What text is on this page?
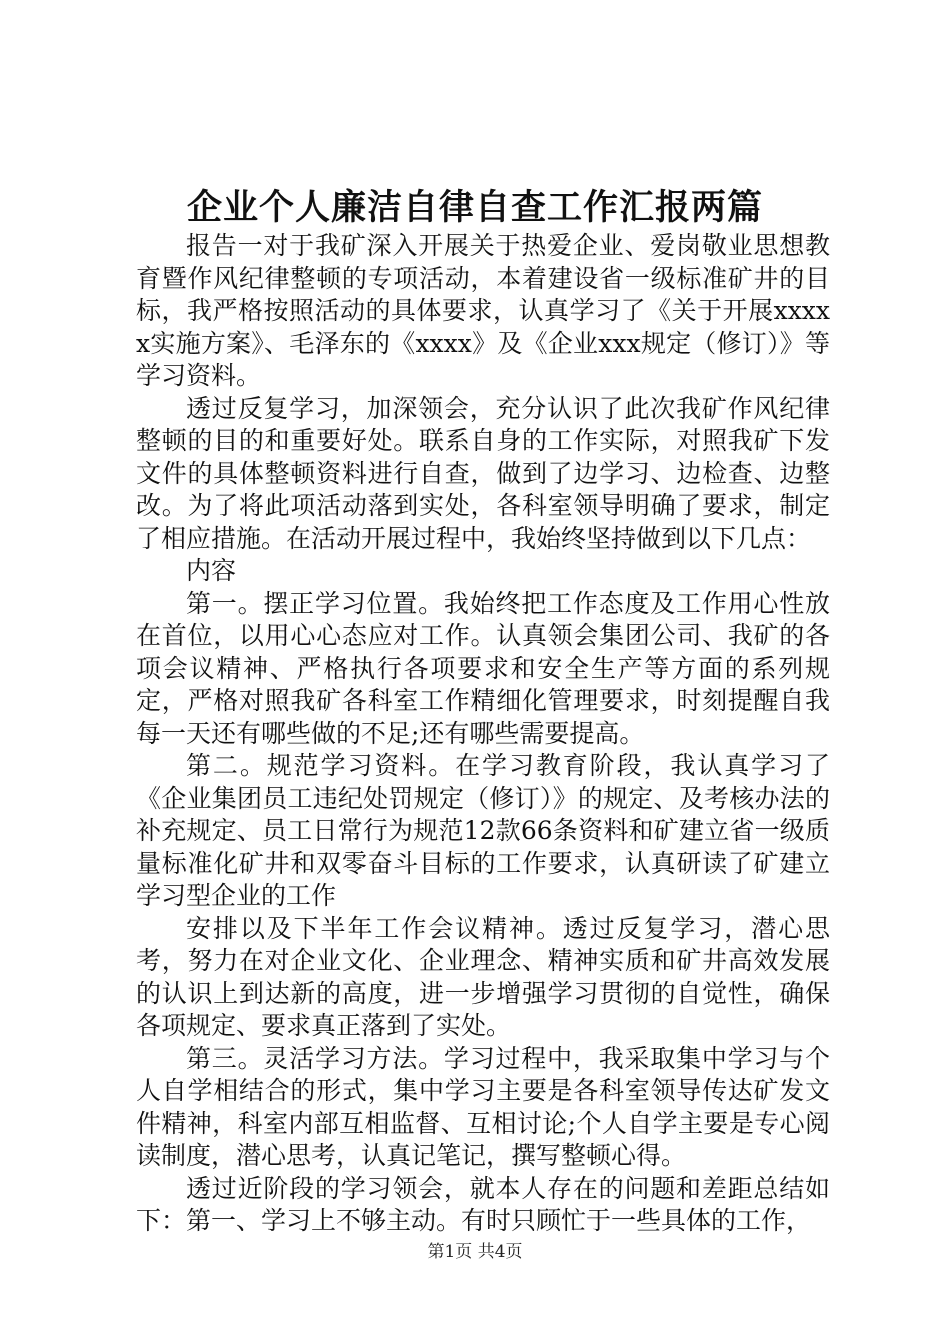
企业个人廉洁自律自查工作汇报两篇

报告一对于我矿深入开展关于热爱企业、爱岗敬业思想教育暨作风纪律整顿的专项活动，本着建设省一级标准矿井的目标，我严格按照活动的具体要求，认真学习了《关于开展xxxxx实施方案》、毛泽东的《xxxx》及《企业xxx规定（修订）》等学习资料。

透过反复学习，加深领会，充分认识了此次我矿作风纪律整顿的目的和重要好处。联系自身的工作实际，对照我矿下发文件的具体整顿资料进行自查，做到了边学习、边检查、边整改。为了将此项活动落到实处，各科室领导明确了要求，制定了相应措施。在活动开展过程中，我始终坚持做到以下几点：

内容

第一。摆正学习位置。我始终把工作态度及工作用心性放在首位，以用心心态应对工作。认真领会集团公司、我矿的各项会议精神、严格执行各项要求和安全生产等方面的系列规定，严格对照我矿各科室工作精细化管理要求，时刻提醒自我每一天还有哪些做的不足;还有哪些需要提高。

第二。规范学习资料。在学习教育阶段，我认真学习了《企业集团员工违纪处罚规定（修订）》的规定、及考核办法的补充规定、员工日常行为规范12款66条资料和矿建立省一级质量标准化矿井和双零奋斗目标的工作要求，认真研读了矿建立学习型企业的工作

安排以及下半年工作会议精神。透过反复学习，潜心思考，努力在对企业文化、企业理念、精神实质和矿井高效发展的认识上到达新的高度，进一步增强学习贯彻的自觉性，确保各项规定、要求真正落到了实处。

第三。灵活学习方法。学习过程中，我采取集中学习与个人自学相结合的形式，集中学习主要是各科室领导传达矿发文件精神，科室内部互相监督、互相讨论;个人自学主要是专心阅读制度，潜心思考，认真记笔记，撰写整顿心得。

透过近阶段的学习领会，就本人存在的问题和差距总结如下：第一、学习上不够主动。有时只顾忙于一些具体的工作，

第1页 共4页
